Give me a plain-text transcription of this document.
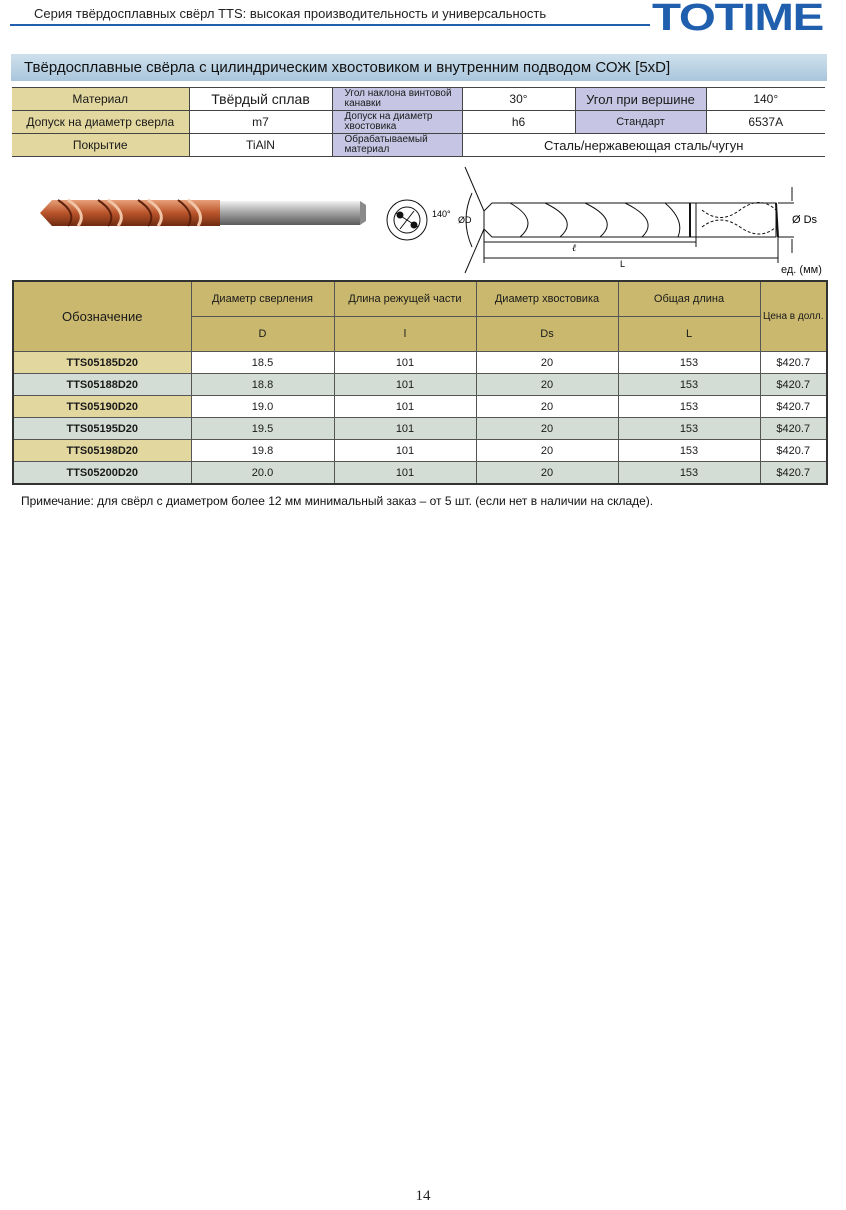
Серия твёрдосплавных свёрл TTS: высокая производительность и универсальность	TOTIME
Твёрдосплавные свёрла с цилиндрическим хвостовиком и внутренним подводом СОЖ [5xD]
Материал	Твёрдый сплав	Угол наклона винтовой канавки	30°	Угол при вершине	140°
Допуск на диаметр сверла	m7	Допуск на диаметр хвостовика	h6	Стандарт	6537A
Покрытие	TiAlN	Обрабатываемый материал	Сталь/нержавеющая сталь/чугун		
140°
ØD	Ø Ds
ℓ
L	ед. (мм)
Обозначение	Диаметр сверления	Длина режущей части	Диаметр хвостовика	Общая длина	Цена в долл.
	D	l	Ds	L	
TTS05185D20	18.5	101	20	153	$420.7
TTS05188D20	18.8	101	20	153	$420.7
TTS05190D20	19.0	101	20	153	$420.7
TTS05195D20	19.5	101	20	153	$420.7
TTS05198D20	19.8	101	20	153	$420.7
TTS05200D20	20.0	101	20	153	$420.7
Примечание: для свёрл с диаметром более 12 мм минимальный заказ – от 5 шт. (если нет в наличии на складе).
14
